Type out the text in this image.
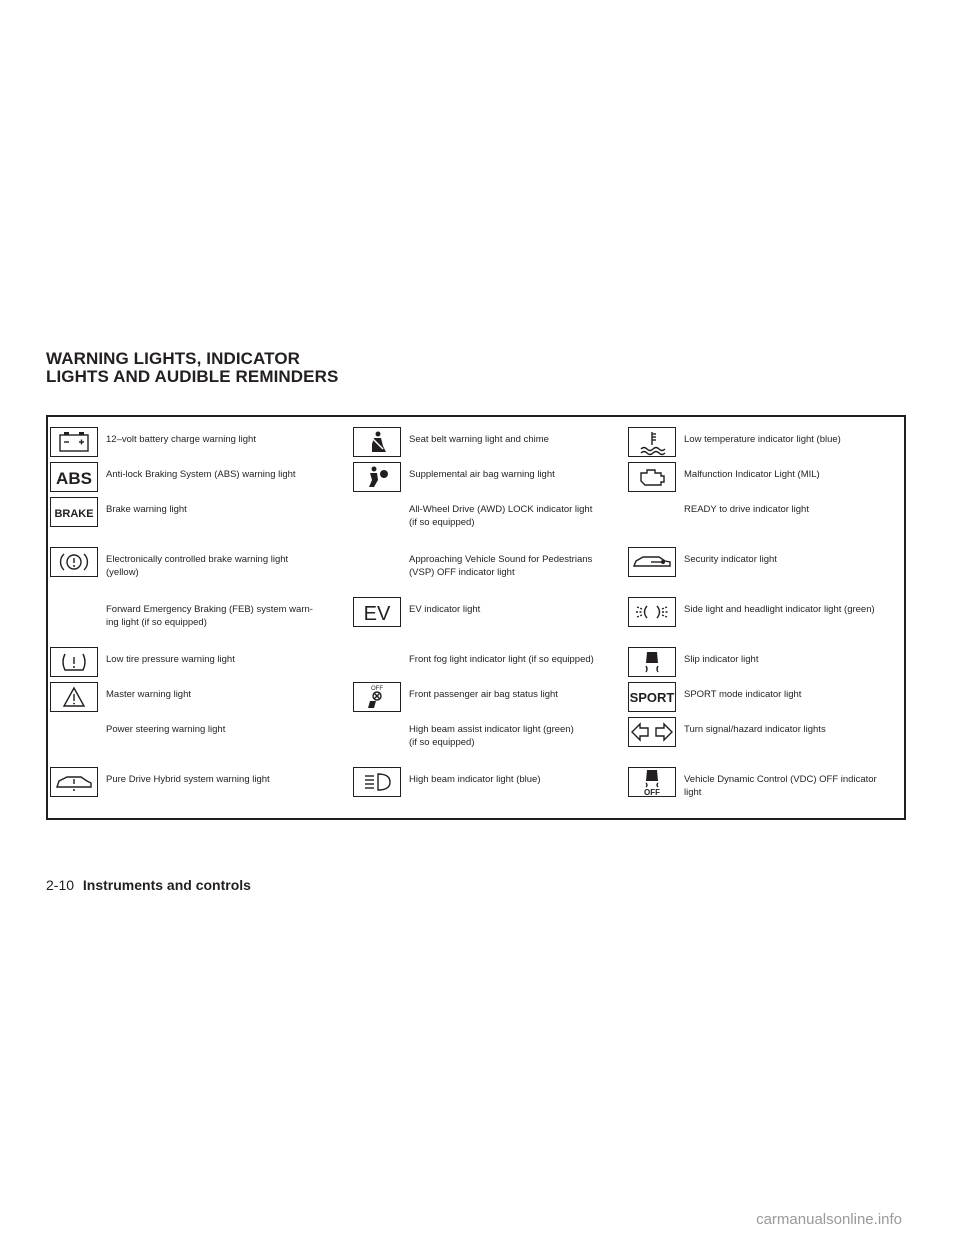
WARNING LIGHTS, INDICATOR
LIGHTS AND AUDIBLE REMINDERS
12–volt battery charge warning light
ABS Anti-lock Braking System (ABS) warning light
BRAKE Brake warning light
Electronically controlled brake warning light
(yellow)
Forward Emergency Braking (FEB) system warn-
ing light (if so equipped)
Low tire pressure warning light
Master warning light
Power steering warning light
Pure Drive Hybrid system warning light
Seat belt warning light and chime
Supplemental air bag warning light
All-Wheel Drive (AWD) LOCK indicator light
(if so equipped)
Approaching Vehicle Sound for Pedestrians
(VSP) OFF indicator light
EV EV indicator light
Front fog light indicator light (if so equipped)
OFF	Front passenger air bag status light
High beam assist indicator light (green)
(if so equipped)
High beam indicator light (blue)
Low temperature indicator light (blue)
Malfunction Indicator Light (MIL)
READY to drive indicator light
Security indicator light
Side light and headlight indicator light (green)
Slip indicator light
SPORT SPORT mode indicator light
Turn signal/hazard indicator lights
OFF
Vehicle Dynamic Control (VDC) OFF indicator
light
2-10 Instruments and controls
carmanualsonline.info
